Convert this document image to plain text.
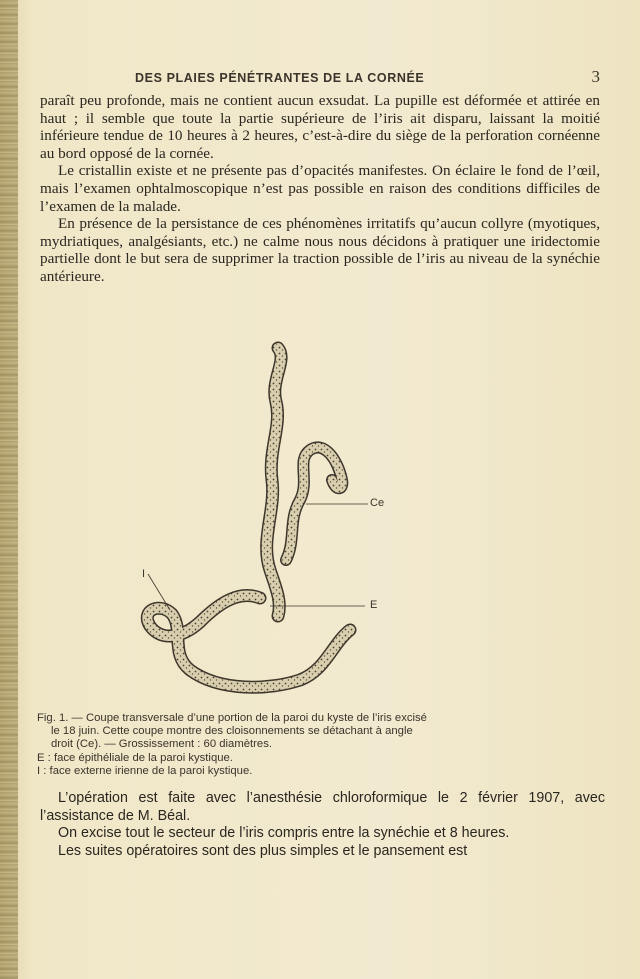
DES PLAIES PÉNÉTRANTES DE LA CORNÉE	3

paraît peu profonde, mais ne contient aucun exsudat. La pupille est déformée et attirée en haut ; il semble que toute la partie supérieure de l’iris ait disparu, laissant la moitié inférieure tendue de 10 heures à 2 heures, c’est-à-dire du siège de la perforation cornéenne au bord opposé de la cornée.

Le cristallin existe et ne présente pas d’opacités manifestes. On éclaire le fond de l’œil, mais l’examen ophtalmoscopique n’est pas possible en raison des conditions difficiles de l’examen de la malade.

En présence de la persistance de ces phénomènes irritatifs qu’aucun collyre (myotiques, mydriatiques, analgésiants, etc.) ne calme nous nous décidons à pratiquer une iridectomie partielle dont le but sera de supprimer la traction possible de l’iris au niveau de la synéchie antérieure.

Ce
E
I
Fig. 1. — Coupe transversale d’une portion de la paroi du kyste de l’iris excisé
le 18 juin. Cette coupe montre des cloisonnements se détachant à angle
droit (Ce). — Grossissement : 60 diamètres.
E : face épithéliale de la paroi kystique.
I : face externe irienne de la paroi kystique.

L’opération est faite avec l’anesthésie chloroformique le 2 février 1907, avec l’assistance de M. Béal.

On excise tout le secteur de l’iris compris entre la synéchie et 8 heures.

Les suites opératoires sont des plus simples et le pansement est
